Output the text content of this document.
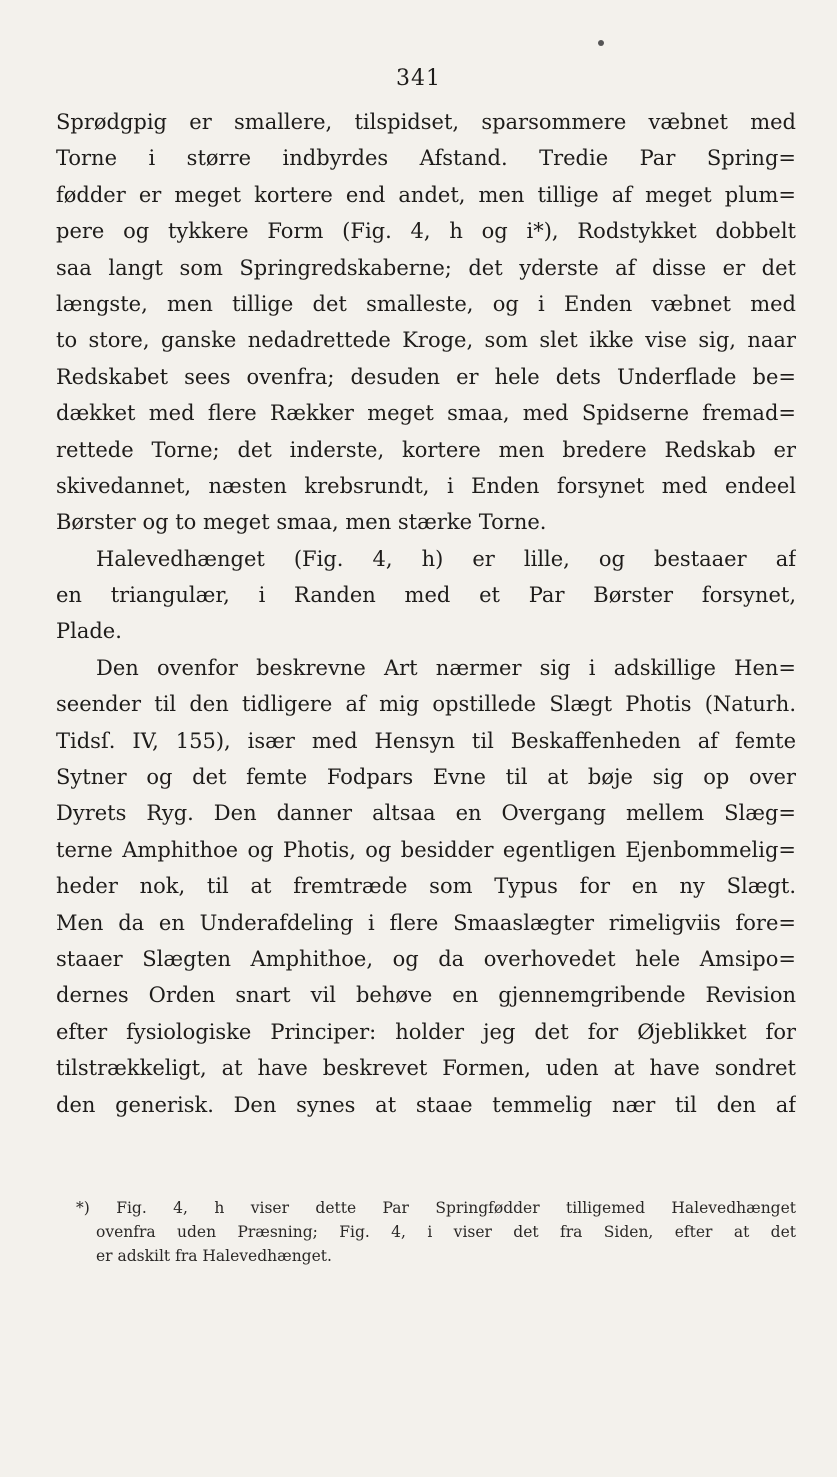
341
Sprødgpig er smallere, tilspidset, sparsommere væbnet med
Torne i større indbyrdes Afstand. Tredie Par Spring=
fødder er meget kortere end andet, men tillige af meget plum=
pere og tykkere Form (Fig. 4, h og i*), Rodstykket dobbelt
saa langt som Springredskaberne; det yderste af disse er det
længste, men tillige det smalleste, og i Enden væbnet med
to store, ganske nedadrettede Kroge, som slet ikke vise sig, naar
Redskabet sees ovenfra; desuden er hele dets Underflade be=
dækket med flere Rækker meget smaa, med Spidserne fremad=
rettede Torne; det inderste, kortere men bredere Redskab er
skivedannet, næsten krebsrundt, i Enden forsynet med endeel
Børster og to meget smaa, men stærke Torne.
Halevedhænget (Fig. 4, h) er lille, og bestaaer af
en triangulær, i Randen med et Par Børster forsynet,
Plade.
Den ovenfor beskrevne Art nærmer sig i adskillige Hen=
seender til den tidligere af mig opstillede Slægt Photis (Naturh.
Tidsſ. IV, 155), især med Hensyn til Beskaffenheden af femte
Sytner og det femte Fodpars Evne til at bøje sig op over
Dyrets Ryg. Den danner altsaa en Overgang mellem Slæg=
terne Amphithoe og Photis, og besidder egentligen Ejenbommelig=
heder nok, til at fremtræde som Typus for en ny Slægt.
Men da en Underafdeling i flere Smaaslægter rimeligviis fore=
staaer Slægten Amphithoe, og da overhovedet hele Amsipo=
dernes Orden snart vil behøve en gjennemgribende Revision
efter fysiologiske Principer: holder jeg det for Øjeblikket for
tilstrækkeligt, at have beskrevet Formen, uden at have sondret
den generisk. Den synes at staae temmelig nær til den af
*) Fig. 4, h viser dette Par Springfødder tilligemed Halevedhænget
ovenfra uden Præsning; Fig. 4, i viser det fra Siden, efter at det
er adskilt fra Halevedhænget.
